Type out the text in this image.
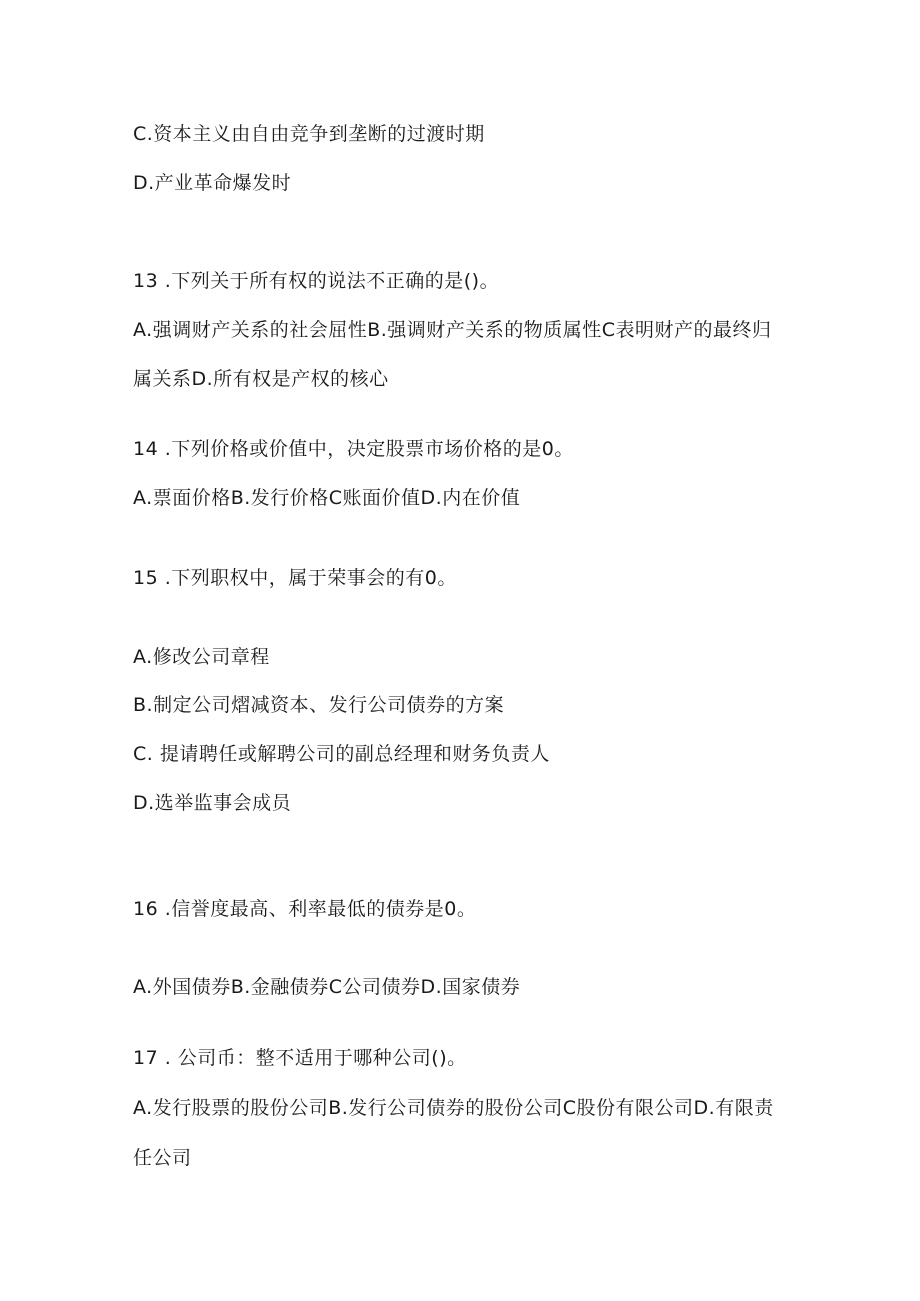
C.资本主义由自由竞争到垄断的过渡时期
D.产业革命爆发时
13 .下列关于所有权的说法不正确的是()。
A.强调财产关系的社会屈性B.强调财产关系的物质属性C表明财产的最终归
属关系D.所有权是产权的核心
14 .下列价格或价值中，决定股票市场价格的是0。
A.票面价格B.发行价格C账面价值D.内在价值
15 .下列职权中，属于荣事会的有0。
A.修改公司章程
B.制定公司熠减资本、发行公司债券的方案
C. 提请聘任或解聘公司的副总经理和财务负责人
D.选举监事会成员
16 .信誉度最高、利率最低的债券是0。
A.外国债券B.金融债券C公司债券D.国家债券
17 . 公司币：整不适用于哪种公司()。
A.发行股票的股份公司B.发行公司债券的股份公司C股份有限公司D.有限责
任公司
